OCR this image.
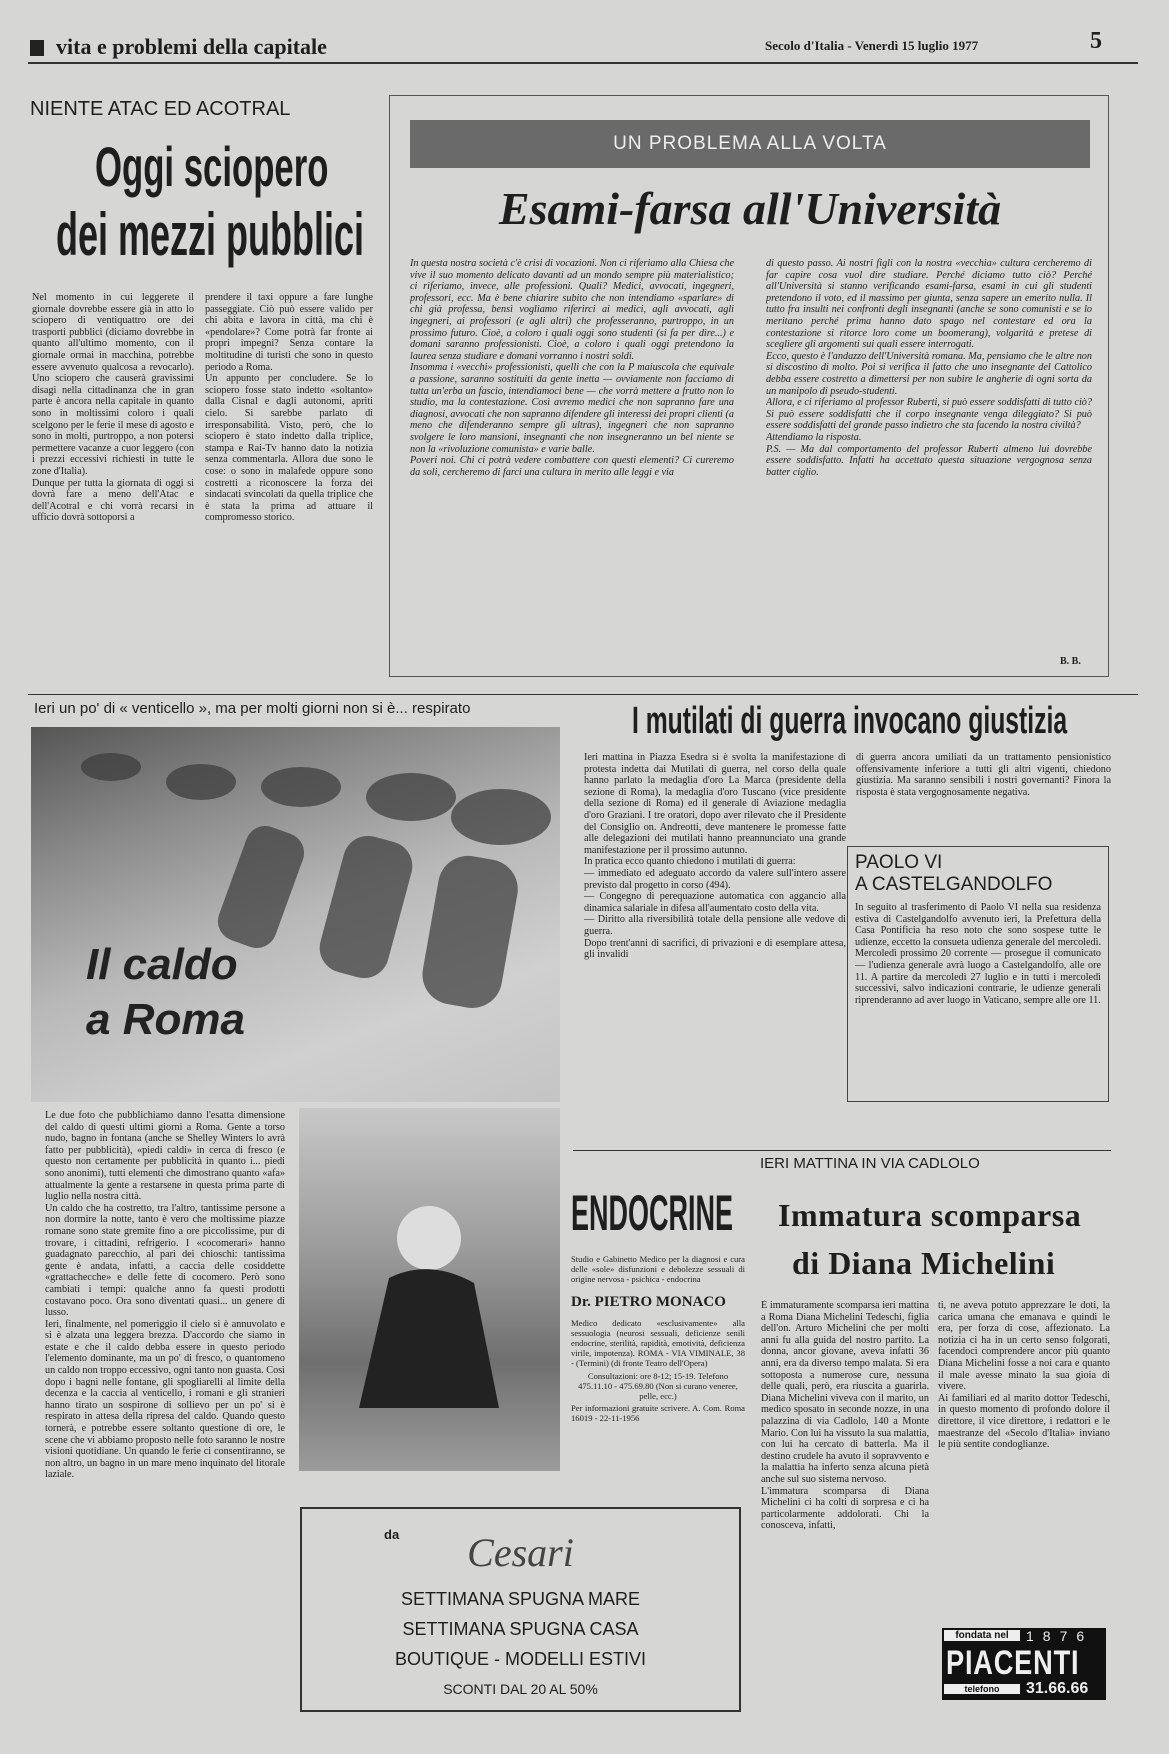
vita e problemi della capitale	Secolo d'Italia - Venerdì 15 luglio 1977	5
NIENTE ATAC ED ACOTRAL
Oggi sciopero
dei mezzi pubblici
Nel momento in cui leggerete il giornale dovrebbe essere già in atto lo sciopero di ventiquattro ore dei trasporti pubblici (diciamo dovrebbe in quanto all'ultimo momento, con il giornale ormai in macchina, potrebbe essere avvenuto qualcosa a revocarlo). Uno sciopero che causerà gravissimi disagi nella cittadinanza che in gran parte è ancora nella capitale in quanto sono in moltissimi coloro i quali scelgono per le ferie il mese di agosto e sono in molti, purtroppo, a non potersi permettere vacanze a cuor leggero (con i prezzi eccessivi richiesti in tutte le zone d'Italia).
Dunque per tutta la giornata di oggi si dovrà fare a meno dell'Atac e dell'Acotral e chi vorrà recarsi in ufficio dovrà sottoporsi a
prendere il taxi oppure a fare lunghe passeggiate. Ciò può essere valido per chi abita e lavora in città, ma chi è «pendolare»? Come potrà far fronte ai propri impegni? Senza contare la moltitudine di turisti che sono in questo periodo a Roma.
Un appunto per concludere. Se lo sciopero fosse stato indetto «soltanto» dalla Cisnal e dagli autonomi, apriti cielo. Si sarebbe parlato di irresponsabilità. Visto, però, che lo sciopero è stato indetto dalla triplice, stampa e Rai-Tv hanno dato la notizia senza commentarla. Allora due sono le cose: o sono in malafede oppure sono costretti a riconoscere la forza dei sindacati svincolati da quella triplice che è stata la prima ad attuare il compromesso storico.
UN PROBLEMA ALLA VOLTA
Esami-farsa all'Università
In questa nostra società c'è crisi di vocazioni. Non ci riferiamo alla Chiesa che vive il suo momento delicato davanti ad un mondo sempre più materialistico; ci riferiamo, invece, alle professioni. Quali? Medici, avvocati, ingegneri, professori, ecc. Ma è bene chiarire subito che non intendiamo «sparlare» di chi già professa, bensì vogliamo riferirci ai medici, agli avvocati, agli ingegneri, ai professori (e agli altri) che professeranno, purtroppo, in un prossimo futuro. Cioè, a coloro i quali oggi sono studenti (si fa per dire...) e domani saranno professionisti. Cioè, a coloro i quali oggi pretendono la laurea senza studiare e domani vorranno i nostri soldi.
Insomma i «vecchi» professionisti, quelli che con la P maiuscola che equivale a passione, saranno sostituiti da gente inetta — ovviamente non facciamo di tutta un'erba un fascio, intendiamoci bene — che vorrà mettere a frutto non lo studio, ma la contestazione. Così avremo medici che non sapranno fare una diagnosi, avvocati che non sapranno difendere gli interessi dei propri clienti (a meno che difenderanno sempre gli ultras), ingegneri che non sapranno svolgere le loro mansioni, insegnanti che non insegneranno un bel niente se non la «rivoluzione comunista» e varie balle.
Poveri noi. Chi ci potrà vedere combattere con questi elementi? Ci cureremo da soli, cercheremo di farci una cultura in merito alle leggi e via
di questo passo. Ai nostri figli con la nostra «vecchia» cultura cercheremo di far capire cosa vuol dire studiare. Perché diciamo tutto ciò? Perché all'Università si stanno verificando esami-farsa, esami in cui gli studenti pretendono il voto, ed il massimo per giunta, senza sapere un emerito nulla. Il tutto fra insulti nei confronti degli insegnanti (anche se sono comunisti e se lo meritano perché prima hanno dato spago nel contestare ed ora la contestazione si ritorce loro come un boomerang), volgarità e pretese di scegliere gli argomenti sui quali essere interrogati.
Ecco, questo è l'andazzo dell'Università romana. Ma, pensiamo che le altre non si discostino di molto. Poi si verifica il fatto che uno insegnante del Cattolico debba essere costretto a dimettersi per non subire le angherie di ogni sorta da un manipolo di pseudo-studenti.
Allora, e ci riferiamo al professor Ruberti, si può essere soddisfatti di tutto ciò? Si può essere soddisfatti che il corpo insegnante venga dileggiato? Si può essere soddisfatti del grande passo indietro che sta facendo la nostra civiltà?
Attendiamo la risposta.
P.S. — Ma dal comportamento del professor Ruberti almeno lui dovrebbe essere soddisfatto. Infatti ha accettato questa situazione vergognosa senza batter ciglio.
B. B.
Ieri un po' di « venticello », ma per molti giorni non si è... respirato
Il caldo
a Roma
Le due foto che pubblichiamo danno l'esatta dimensione del caldo di questi ultimi giorni a Roma. Gente a torso nudo, bagno in fontana (anche se Shelley Winters lo avrà fatto per pubblicità), «piedi caldi» in cerca di fresco (e questo non certamente per pubblicità in quanto i... piedi sono anonimi), tutti elementi che dimostrano quanto «afa» attualmente la gente a restarsene in questa prima parte di luglio nella nostra città.
Un caldo che ha costretto, tra l'altro, tantissime persone a non dormire la notte, tanto è vero che moltissime piazze romane sono state gremite fino a ore piccolissime, pur di trovare, i cittadini, refrigerio. I «cocomerari» hanno guadagnato parecchio, al pari dei chioschi: tantissima gente è andata, infatti, a caccia delle cosiddette «grattachecche» e delle fette di cocomero. Però sono cambiati i tempi: qualche anno fa questi prodotti costavano poco. Ora sono diventati quasi... un genere di lusso.
Ieri, finalmente, nel pomeriggio il cielo si è annuvolato e si è alzata una leggera brezza. D'accordo che siamo in estate e che il caldo debba essere in questo periodo l'elemento dominante, ma un po' di fresco, o quantomeno un caldo non troppo eccessivo, ogni tanto non guasta. Così dopo i bagni nelle fontane, gli spogliarelli al limite della decenza e la caccia al venticello, i romani e gli stranieri hanno tirato un sospirone di sollievo per un po' si è respirato in attesa della ripresa del caldo. Quando questo tornerà, e potrebbe essere soltanto questione di ore, le scene che vi abbiamo proposto nelle foto saranno le nostre visioni quotidiane. Un quando le ferie ci consentiranno, se non altro, un bagno in un mare meno inquinato del litorale laziale.
I mutilati di guerra invocano giustizia
Ieri mattina in Piazza Esedra si è svolta la manifestazione di protesta indetta dai Mutilati di guerra, nel corso della quale hanno parlato la medaglia d'oro La Marca (presidente della sezione di Roma), la medaglia d'oro Tuscano (vice presidente della sezione di Roma) ed il generale di Aviazione medaglia d'oro Graziani. I tre oratori, dopo aver rilevato che il Presidente del Consiglio on. Andreotti, deve mantenere le promesse fatte alle delegazioni dei mutilati hanno preannunciato una grande manifestazione per il prossimo autunno.
In pratica ecco quanto chiedono i mutilati di guerra:
— immediato ed adeguato accordo da valere sull'intero assere previsto dal progetto in corso (494).
— Congegno di perequazione automatica con aggancio alla dinamica salariale in difesa all'aumentato costo della vita.
— Diritto alla riversibilità totale della pensione alle vedove di guerra.
Dopo trent'anni di sacrifici, di privazioni e di esemplare attesa, gli invalidi
di guerra ancora umiliati da un trattamento pensionistico offensivamente inferiore a tutti gli altri vigenti, chiedono giustizia. Ma saranno sensibili i nostri governanti? Finora la risposta è stata vergognosamente negativa.
PAOLO VI
A CASTELGANDOLFO
In seguito al trasferimento di Paolo VI nella sua residenza estiva di Castelgandolfo avvenuto ieri, la Prefettura della Casa Pontificia ha reso noto che sono sospese tutte le udienze, eccetto la consueta udienza generale del mercoledì. Mercoledì prossimo 20 corrente — prosegue il comunicato — l'udienza generale avrà luogo a Castelgandolfo, alle ore 11. A partire da mercoledì 27 luglio e in tutti i mercoledì successivi, salvo indicazioni contrarie, le udienze generali riprenderanno ad aver luogo in Vaticano, sempre alle ore 11.
da	Cesari
SETTIMANA SPUGNA MARE
SETTIMANA SPUGNA CASA
BOUTIQUE - MODELLI ESTIVI
SCONTI DAL 20 AL 50%
IERI MATTINA IN VIA CADLOLO
ENDOCRINE
Studio e Gabinetto Medico per la diagnosi e cura delle «sole» disfunzioni e debolezze sessuali di origine nervosa - psichica - endocrina
Dr. PIETRO MONACO
Medico dedicato «esclusivamente» alla sessuologia (neurosi sessuali, deficienze senili endocrine, sterilità, rapidità, emotività, deficienza virile, impotenza). ROMA - VIA VIMINALE, 38 - (Termini) (di fronte Teatro dell'Opera)
Consultazioni: ore 8-12; 15-19. Telefono 475.11.10 - 475.69.80 (Non si curano veneree, pelle, ecc.)
Per informazioni gratuite scrivere. A. Com. Roma 16019 - 22-11-1956
Immatura scomparsa
di Diana Michelini
È immaturamente scomparsa ieri mattina a Roma Diana Michelini Tedeschi, figlia dell'on. Arturo Michelini che per molti anni fu alla guida del nostro partito. La donna, ancor giovane, aveva infatti 36 anni, era da diverso tempo malata. Si era sottoposta a numerose cure, nessuna delle quali, però, era riuscita a guarirla. Diana Michelini viveva con il marito, un medico sposato in seconde nozze, in una palazzina di via Cadlolo, 140 a Monte Mario. Con lui ha vissuto la sua malattia, con lui ha cercato di batterla. Ma il destino crudele ha avuto il sopravvento e la malattia ha inferto senza alcuna pietà anche sul suo sistema nervoso.
L'immatura scomparsa di Diana Michelini ci ha colti di sorpresa e ci ha particolarmente addolorati. Chi la conosceva, infatti,
ti, ne aveva potuto apprezzare le doti, la carica umana che emanava e quindi le era, per forza di cose, affezionato. La notizia ci ha in un certo senso folgorati, facendoci comprendere ancor più quanto Diana Michelini fosse a noi cara e quanto il male avesse minato la sua gioia di vivere.
Ai familiari ed al marito dottor Tedeschi, in questo momento di profondo dolore il direttore, il vice direttore, i redattori e le maestranze del «Secolo d'Italia» inviano le più sentite condoglianze.
fondata nel	1876
PIACENTI
telefono	31.66.66
